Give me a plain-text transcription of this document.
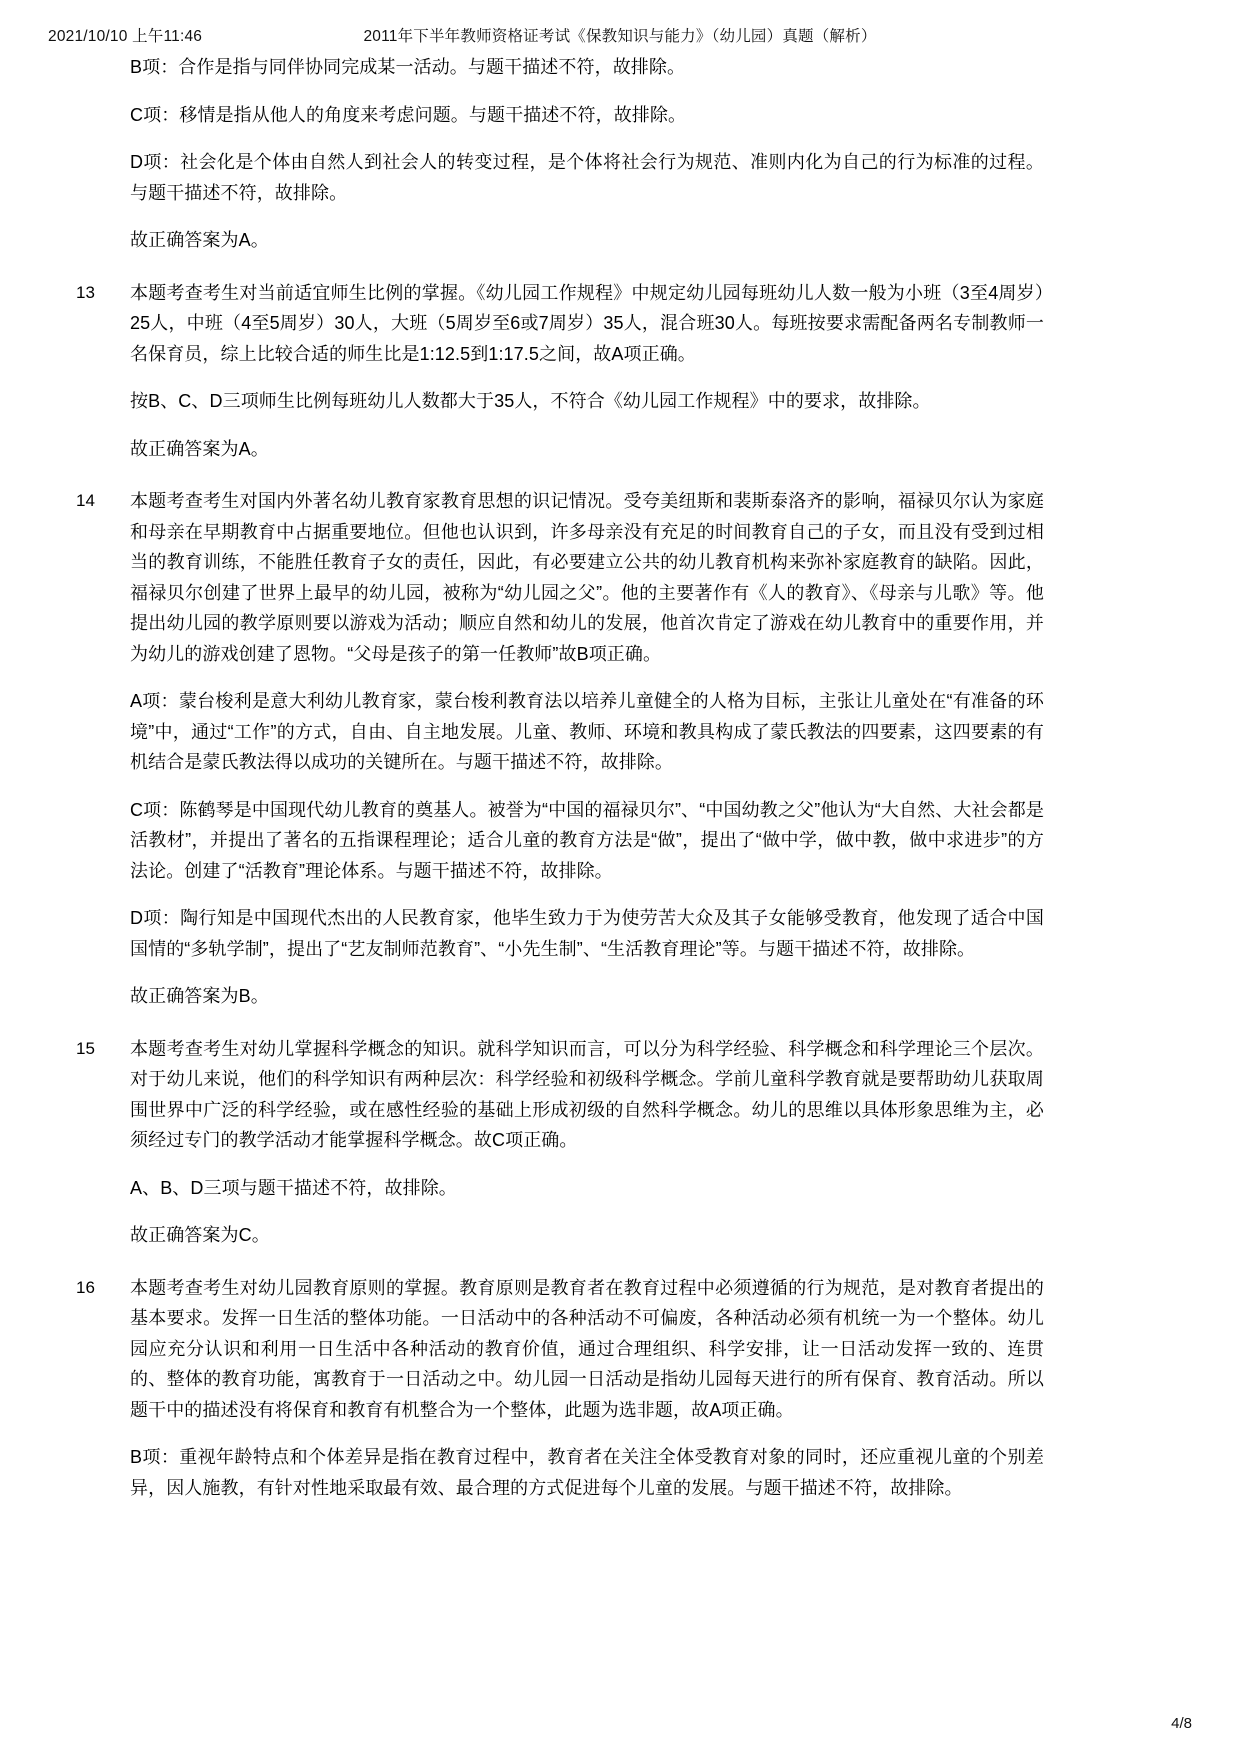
2021/10/10 上午11:46	2011年下半年教师资格证考试《保教知识与能力》（幼儿园）真题（解析）

B项：合作是指与同伴协同完成某一活动。与题干描述不符，故排除。

C项：移情是指从他人的角度来考虑问题。与题干描述不符，故排除。

D项：社会化是个体由自然人到社会人的转变过程，是个体将社会行为规范、准则内化为自己的行为标准的过程。与题干描述不符，故排除。

故正确答案为A。

13	本题考查考生对当前适宜师生比例的掌握。《幼儿园工作规程》中规定幼儿园每班幼儿人数一般为小班（3至4周岁）25人，中班（4至5周岁）30人，大班（5周岁至6或7周岁）35人，混合班30人。每班按要求需配备两名专制教师一名保育员，综上比较合适的师生比是1:12.5到1:17.5之间，故A项正确。

按B、C、D三项师生比例每班幼儿人数都大于35人，不符合《幼儿园工作规程》中的要求，故排除。

故正确答案为A。

14	本题考查考生对国内外著名幼儿教育家教育思想的识记情况。受夸美纽斯和裴斯泰洛齐的影响，福禄贝尔认为家庭和母亲在早期教育中占据重要地位。但他也认识到，许多母亲没有充足的时间教育自己的子女，而且没有受到过相当的教育训练，不能胜任教育子女的责任，因此，有必要建立公共的幼儿教育机构来弥补家庭教育的缺陷。因此，福禄贝尔创建了世界上最早的幼儿园，被称为“幼儿园之父”。他的主要著作有《人的教育》、《母亲与儿歌》等。他提出幼儿园的教学原则要以游戏为活动；顺应自然和幼儿的发展，他首次肯定了游戏在幼儿教育中的重要作用，并为幼儿的游戏创建了恩物。“父母是孩子的第一任教师”故B项正确。

A项：蒙台梭利是意大利幼儿教育家，蒙台梭利教育法以培养儿童健全的人格为目标，主张让儿童处在“有准备的环境”中，通过“工作”的方式，自由、自主地发展。儿童、教师、环境和教具构成了蒙氏教法的四要素，这四要素的有机结合是蒙氏教法得以成功的关键所在。与题干描述不符，故排除。

C项：陈鹤琴是中国现代幼儿教育的奠基人。被誉为“中国的福禄贝尔”、“中国幼教之父”他认为“大自然、大社会都是活教材”，并提出了著名的五指课程理论；适合儿童的教育方法是“做”，提出了“做中学，做中教，做中求进步”的方法论。创建了“活教育”理论体系。与题干描述不符，故排除。

D项：陶行知是中国现代杰出的人民教育家，他毕生致力于为使劳苦大众及其子女能够受教育，他发现了适合中国国情的“多轨学制”，提出了“艺友制师范教育”、“小先生制”、“生活教育理论”等。与题干描述不符，故排除。

故正确答案为B。

15	本题考查考生对幼儿掌握科学概念的知识。就科学知识而言，可以分为科学经验、科学概念和科学理论三个层次。对于幼儿来说，他们的科学知识有两种层次：科学经验和初级科学概念。学前儿童科学教育就是要帮助幼儿获取周围世界中广泛的科学经验，或在感性经验的基础上形成初级的自然科学概念。幼儿的思维以具体形象思维为主，必须经过专门的教学活动才能掌握科学概念。故C项正确。

A、B、D三项与题干描述不符，故排除。

故正确答案为C。

16	本题考查考生对幼儿园教育原则的掌握。教育原则是教育者在教育过程中必须遵循的行为规范，是对教育者提出的基本要求。发挥一日生活的整体功能。一日活动中的各种活动不可偏废，各种活动必须有机统一为一个整体。幼儿园应充分认识和利用一日生活中各种活动的教育价值，通过合理组织、科学安排，让一日活动发挥一致的、连贯的、整体的教育功能，寓教育于一日活动之中。幼儿园一日活动是指幼儿园每天进行的所有保育、教育活动。所以题干中的描述没有将保育和教育有机整合为一个整体，此题为选非题，故A项正确。

B项：重视年龄特点和个体差异是指在教育过程中，教育者在关注全体受教育对象的同时，还应重视儿童的个别差异，因人施教，有针对性地采取最有效、最合理的方式促进每个儿童的发展。与题干描述不符，故排除。

4/8
